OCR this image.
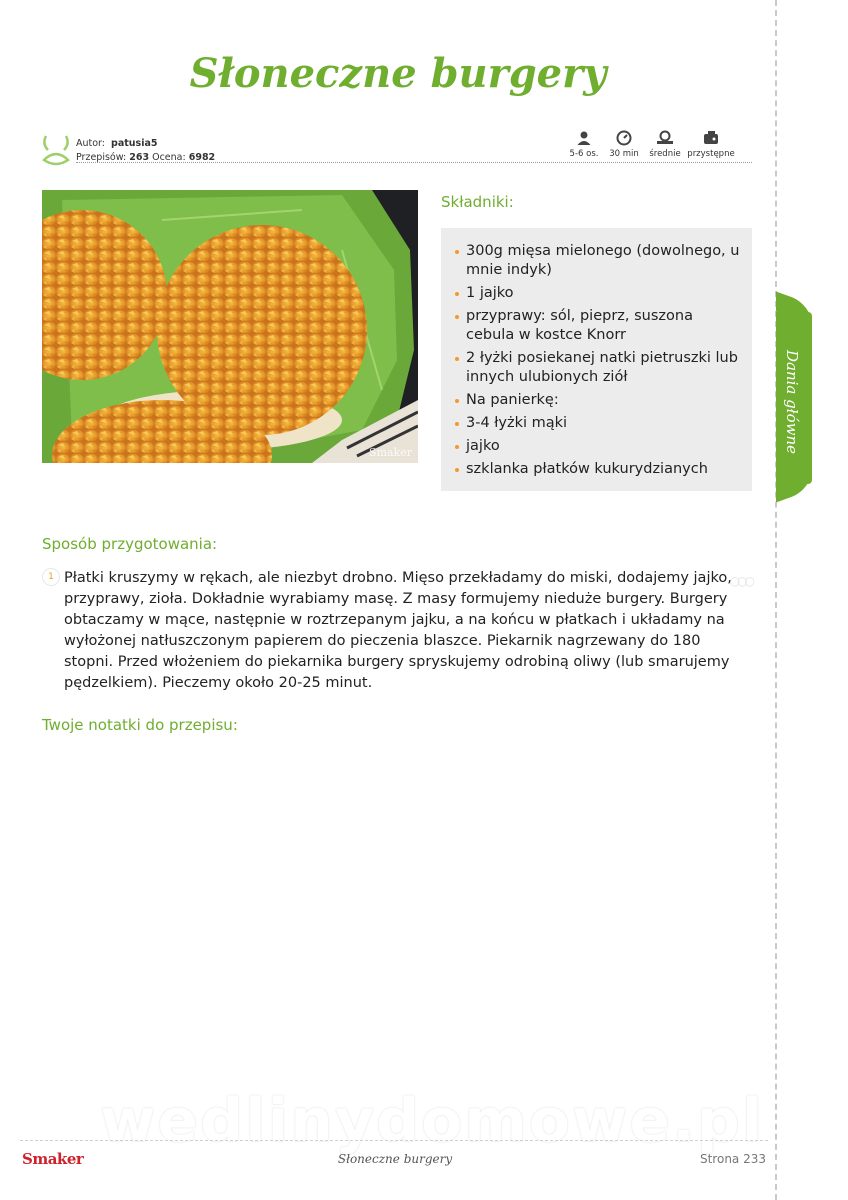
Słoneczne burgery
Autor: patusia5
Przepisów: 263 Ocena: 6982	5-6 os.	30 min	średnie przystępne
Smaker
Składniki:
300g mięsa mielonego (dowolnego, u mnie indyk)
1 jajko
przyprawy: sól, pieprz, suszona cebula w kostce Knorr
2 łyżki posiekanej natki pietruszki lub innych ulubionych ziół
Na panierkę:
3-4 łyżki mąki
jajko
szklanka płatków kukurydzianych
Sposób przygotowania:
1	○○○
Płatki kruszymy w rękach, ale niezbyt drobno. Mięso przekładamy do miski, dodajemy jajko, przyprawy, zioła. Dokładnie wyrabiamy masę. Z masy formujemy nieduże burgery. Burgery obtaczamy w mące, następnie w roztrzepanym jajku, a na końcu w płatkach i układamy na wyłożonej natłuszczonym papierem do pieczenia blaszce. Piekarnik nagrzewany do 180 stopni. Przed włożeniem do piekarnika burgery spryskujemy odrobiną oliwy (lub smarujemy pędzelkiem). Pieczemy około 20-25 minut.
Twoje notatki do przepisu:
Dania główne
wedlinydomowe.pl
Smaker	Słoneczne burgery	Strona 233
